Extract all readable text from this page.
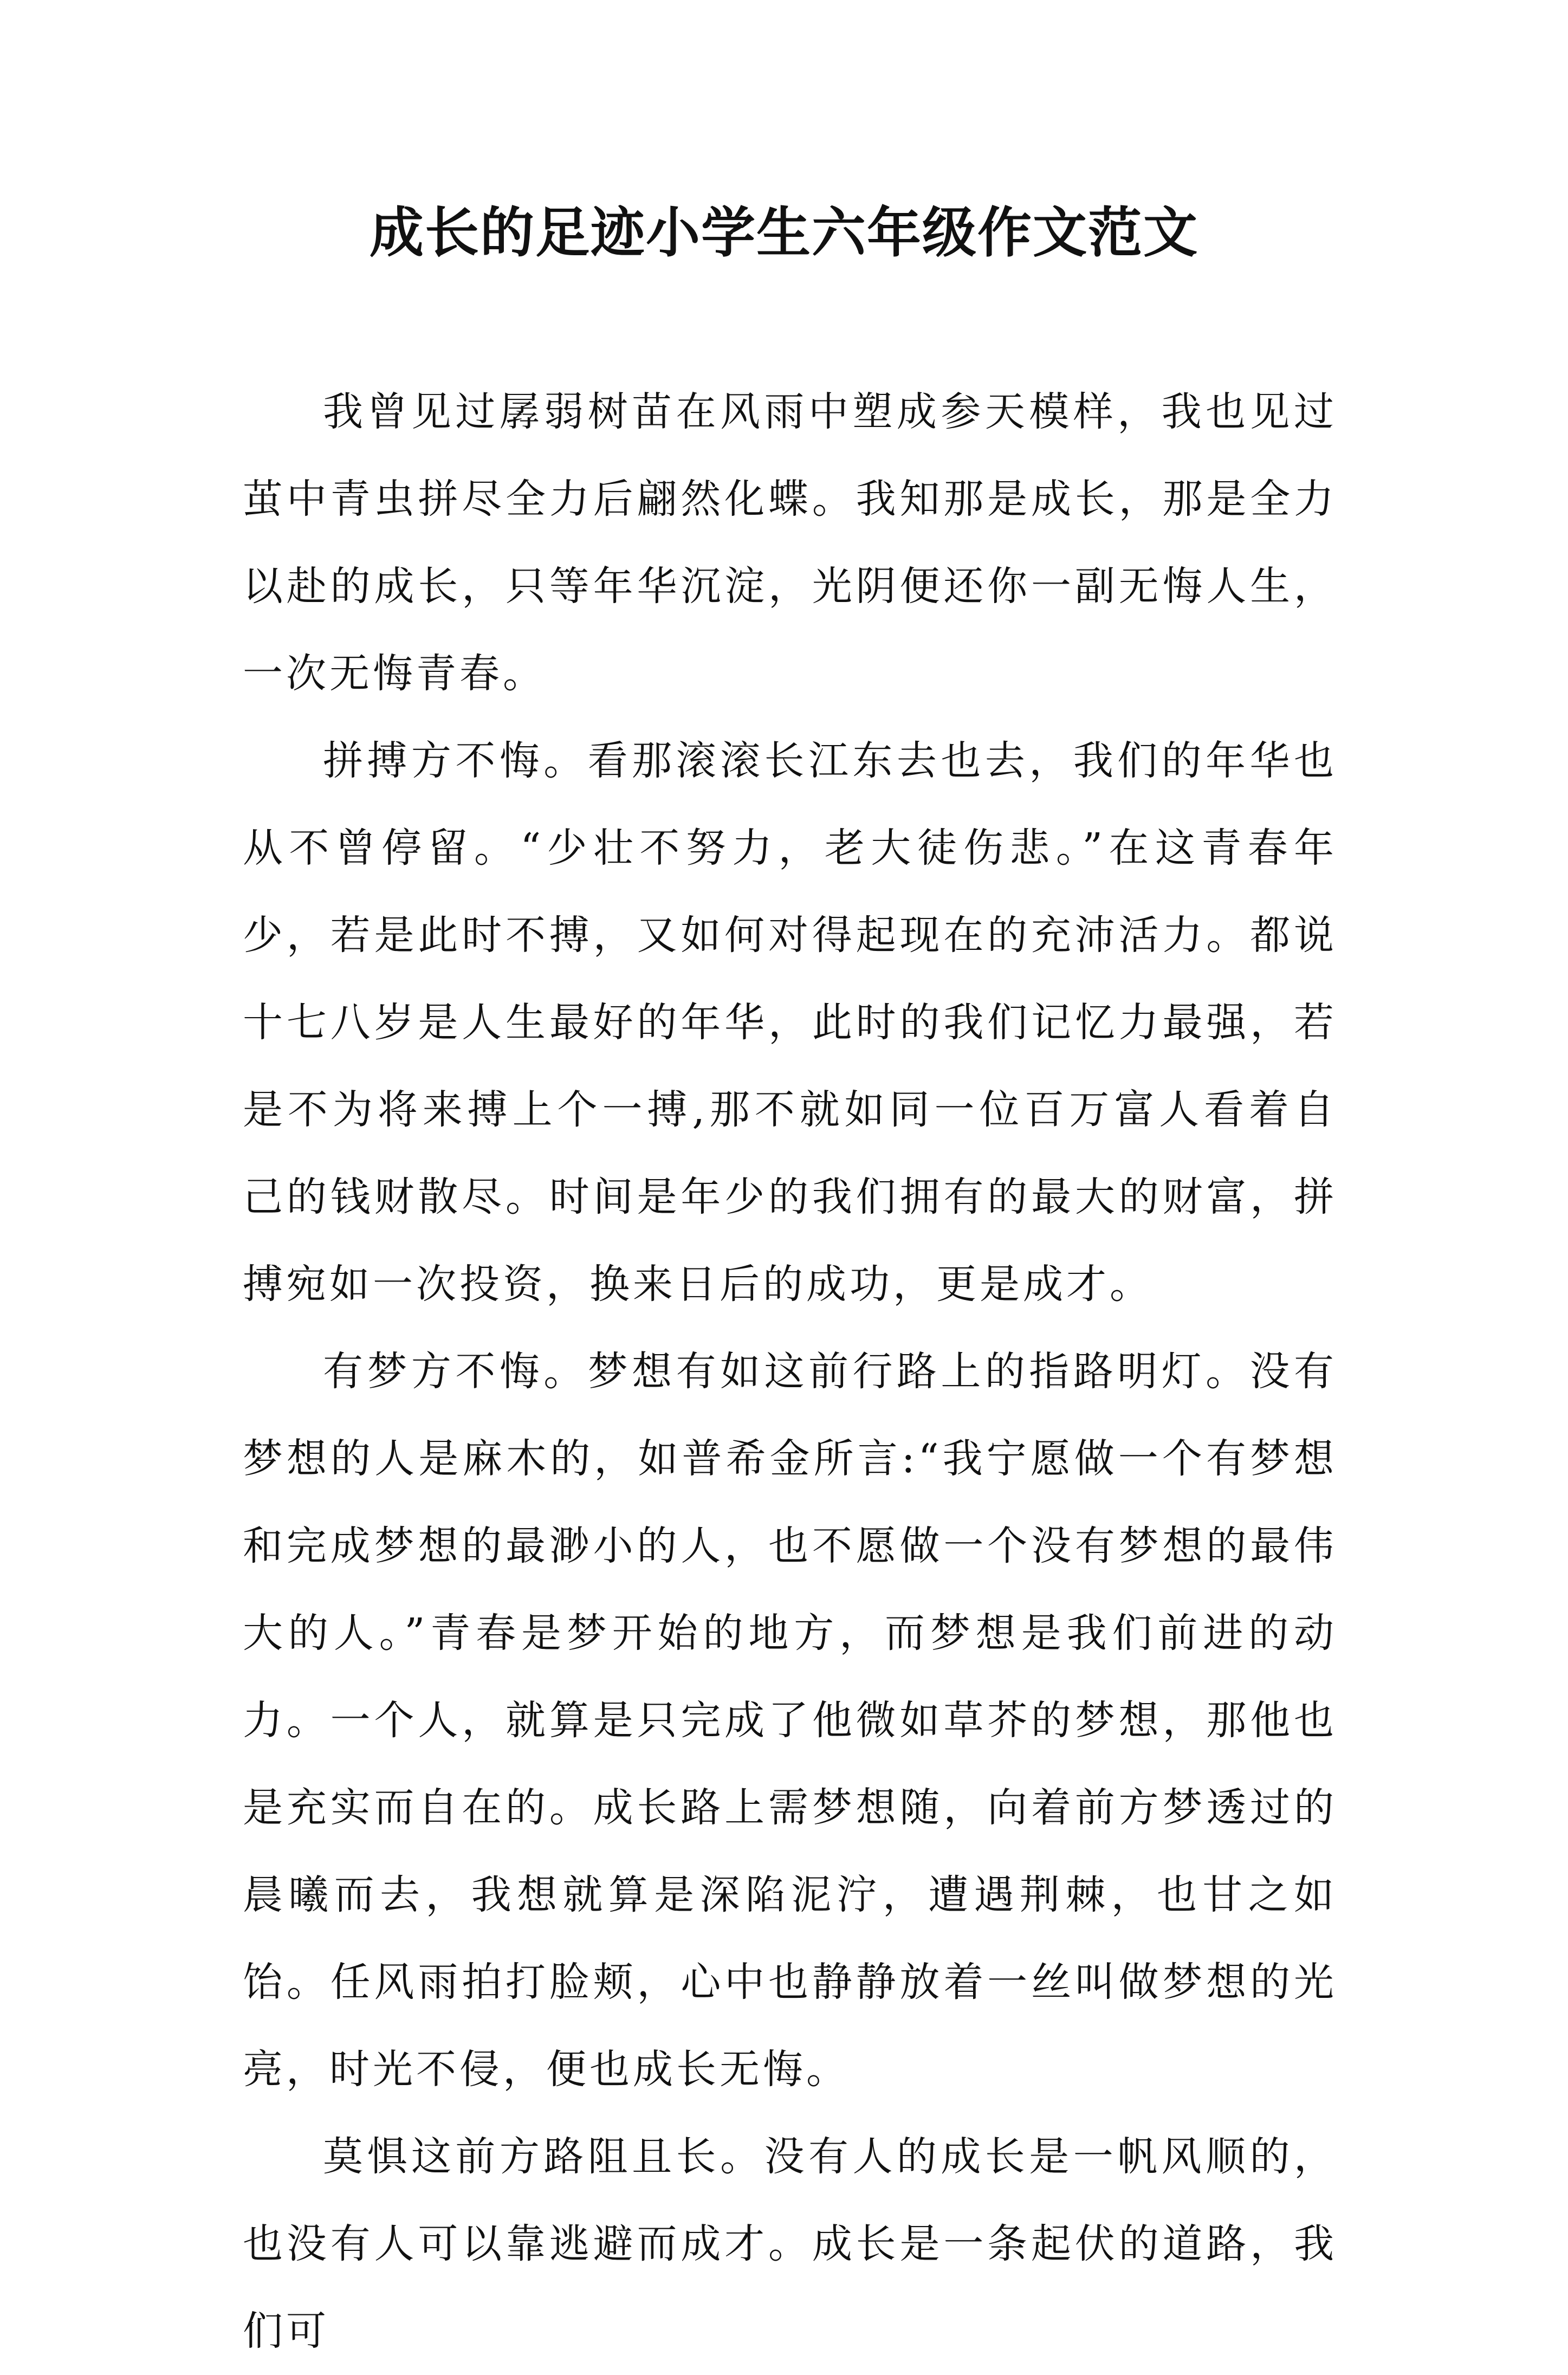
成长的足迹小学生六年级作文范文

我曾见过孱弱树苗在风雨中塑成参天模样，我也见过茧中青虫拼尽全力后翩然化蝶。我知那是成长，那是全力以赴的成长，只等年华沉淀，光阴便还你一副无悔人生，一次无悔青春。

拼搏方不悔。看那滚滚长江东去也去，我们的年华也从不曾停留。“少壮不努力，老大徒伤悲。”在这青春年少，若是此时不搏，又如何对得起现在的充沛活力。都说十七八岁是人生最好的年华，此时的我们记忆力最强，若是不为将来搏上个一搏,那不就如同一位百万富人看着自己的钱财散尽。时间是年少的我们拥有的最大的财富，拼搏宛如一次投资，换来日后的成功，更是成才。

有梦方不悔。梦想有如这前行路上的指路明灯。没有梦想的人是麻木的，如普希金所言:“我宁愿做一个有梦想和完成梦想的最渺小的人，也不愿做一个没有梦想的最伟大的人。”青春是梦开始的地方，而梦想是我们前进的动力。一个人，就算是只完成了他微如草芥的梦想，那他也是充实而自在的。成长路上需梦想随，向着前方梦透过的晨曦而去，我想就算是深陷泥泞，遭遇荆棘，也甘之如饴。任风雨拍打脸颊，心中也静静放着一丝叫做梦想的光亮，时光不侵，便也成长无悔。

莫惧这前方路阻且长。没有人的成长是一帆风顺的，也没有人可以靠逃避而成才。成长是一条起伏的道路，我们可
